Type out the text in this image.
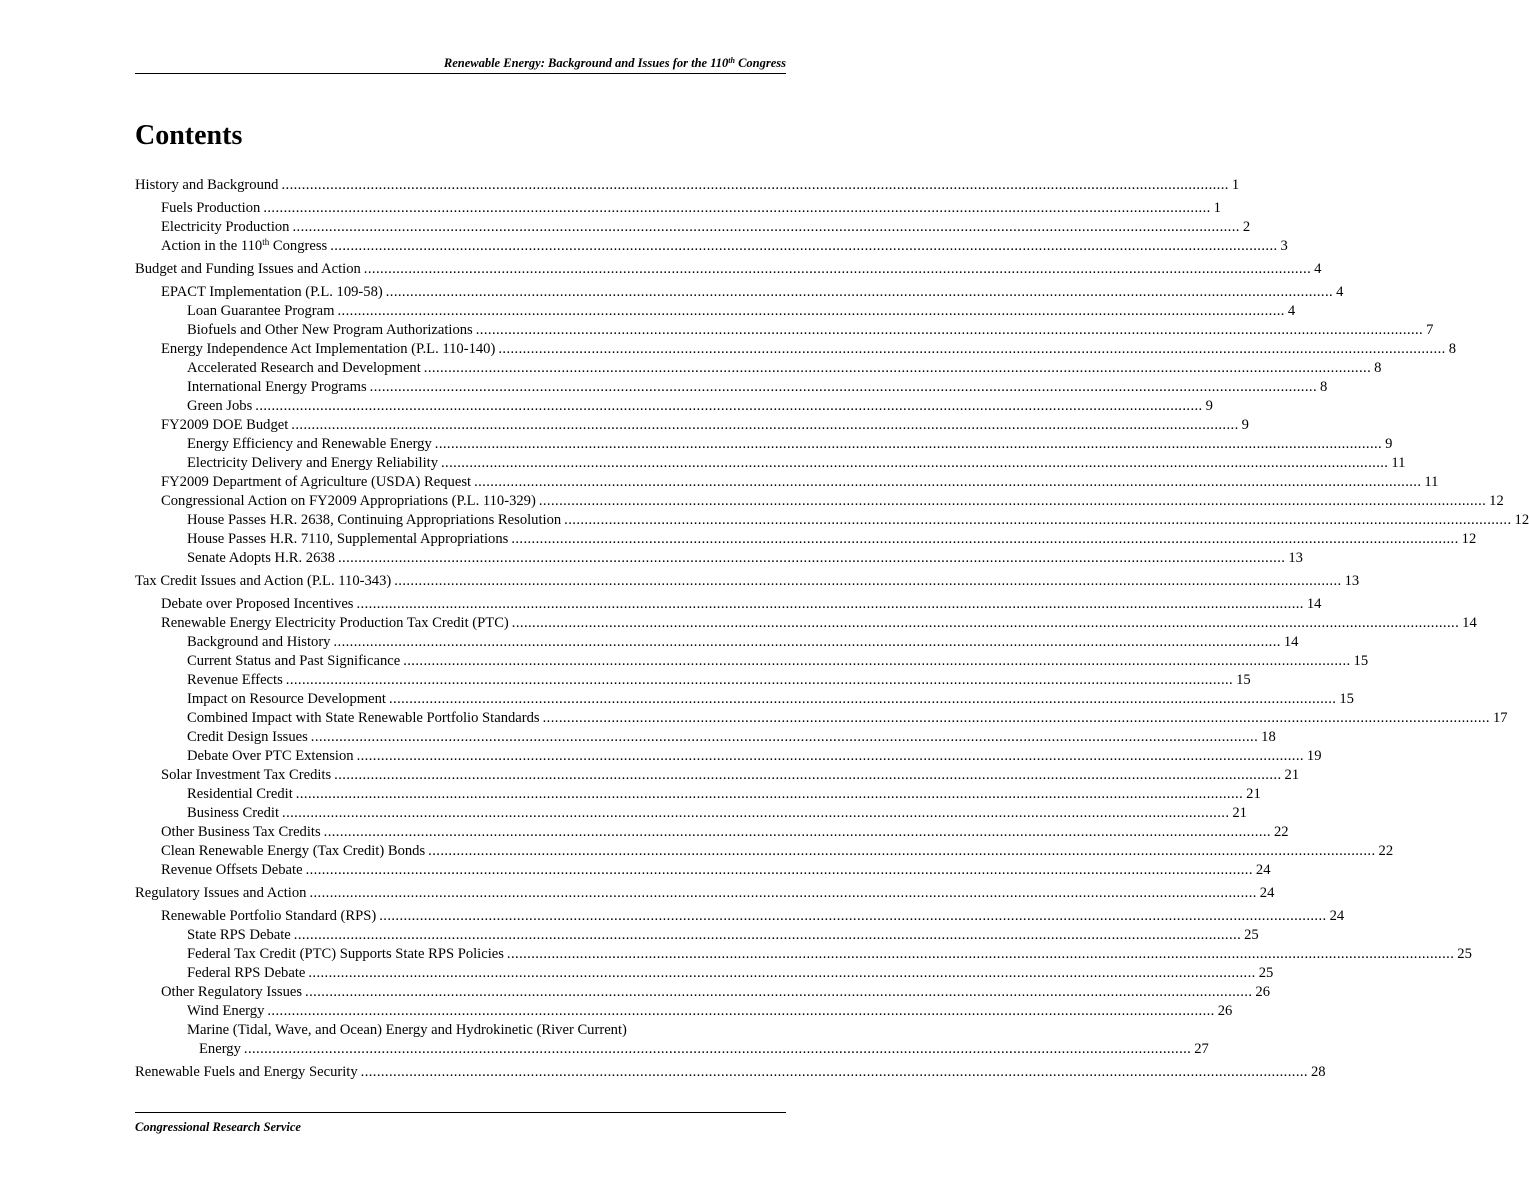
Renewable Energy: Background and Issues for the 110th Congress
Contents
History and Background .....	1
Fuels Production .....	1
Electricity Production .....	2
Action in the 110th Congress .....	3
Budget and Funding Issues and Action .....	4
EPACT Implementation (P.L. 109-58) .....	4
Loan Guarantee Program .....	4
Biofuels and Other New Program Authorizations .....	7
Energy Independence Act Implementation (P.L. 110-140) .....	8
Accelerated Research and Development .....	8
International Energy Programs .....	8
Green Jobs .....	9
FY2009 DOE Budget .....	9
Energy Efficiency and Renewable Energy .....	9
Electricity Delivery and Energy Reliability .....	11
FY2009 Department of Agriculture (USDA) Request .....	11
Congressional Action on FY2009 Appropriations (P.L. 110-329) .....	12
House Passes H.R. 2638, Continuing Appropriations Resolution .....	12
House Passes H.R. 7110, Supplemental Appropriations .....	12
Senate Adopts H.R. 2638 .....	13
Tax Credit Issues and Action (P.L. 110-343) .....	13
Debate over Proposed Incentives .....	14
Renewable Energy Electricity Production Tax Credit (PTC) .....	14
Background and History .....	14
Current Status and Past Significance .....	15
Revenue Effects .....	15
Impact on Resource Development .....	15
Combined Impact with State Renewable Portfolio Standards .....	17
Credit Design Issues .....	18
Debate Over PTC Extension .....	19
Solar Investment Tax Credits .....	21
Residential Credit .....	21
Business Credit .....	21
Other Business Tax Credits .....	22
Clean Renewable Energy (Tax Credit) Bonds .....	22
Revenue Offsets Debate .....	24
Regulatory Issues and Action .....	24
Renewable Portfolio Standard (RPS) .....	24
State RPS Debate .....	25
Federal Tax Credit (PTC) Supports State RPS Policies .....	25
Federal RPS Debate .....	25
Other Regulatory Issues .....	26
Wind Energy .....	26
Marine (Tidal, Wave, and Ocean) Energy and Hydrokinetic (River Current)
Energy .....	27
Renewable Fuels and Energy Security .....	28
Congressional Research Service
